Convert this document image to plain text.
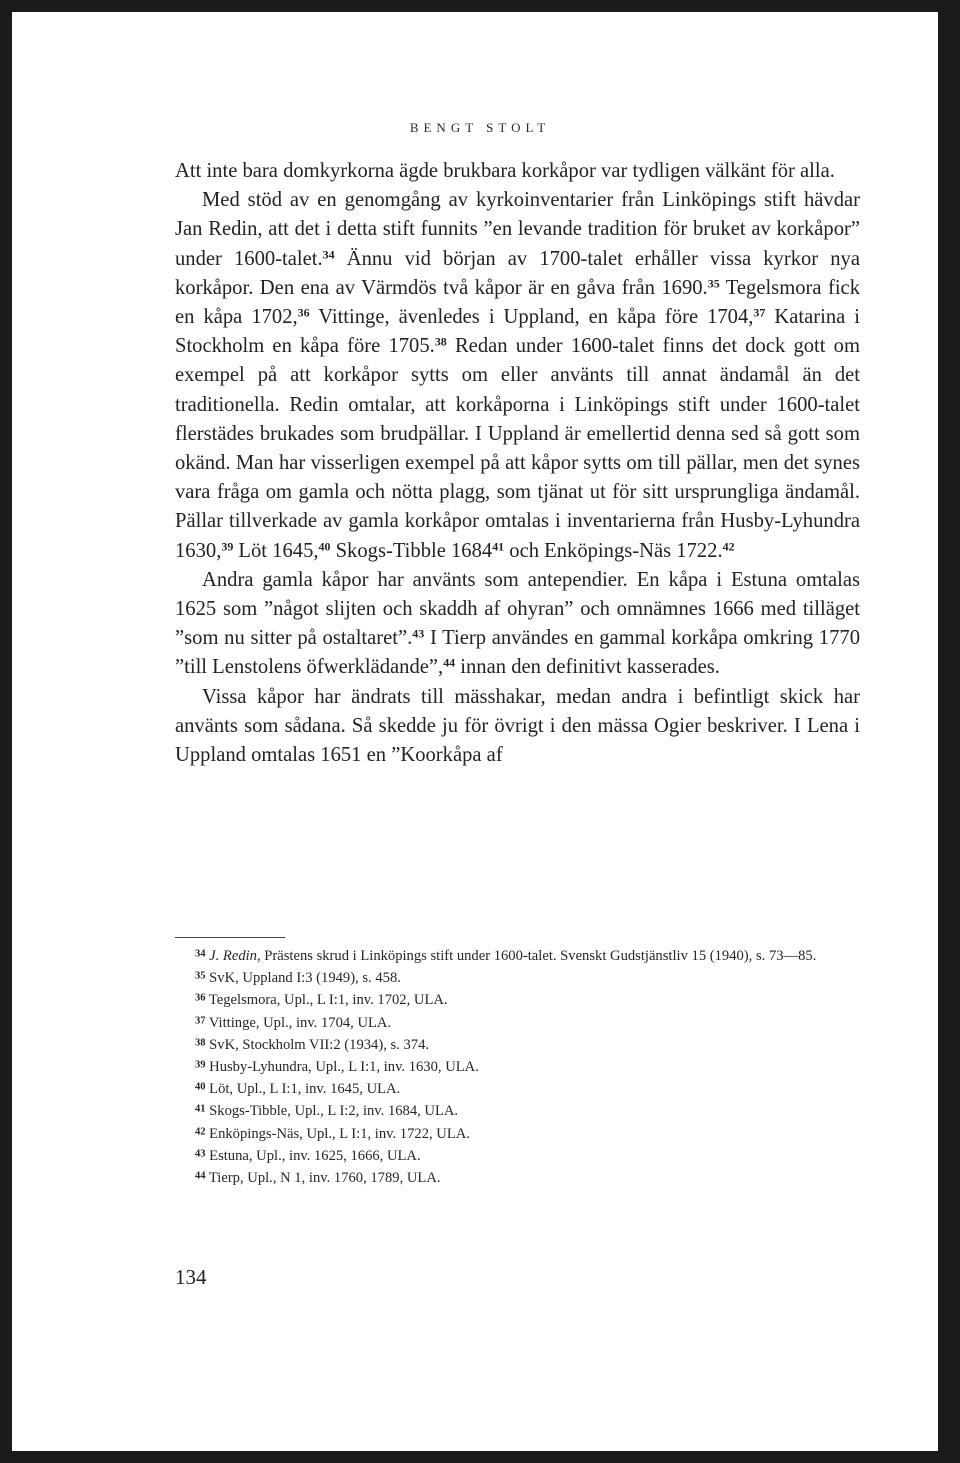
BENGT STOLT

Att inte bara domkyrkorna ägde brukbara korkåpor var tydligen välkänt för alla.

Med stöd av en genomgång av kyrkoinventarier från Linköpings stift hävdar Jan Redin, att det i detta stift funnits ”en levande tradition för bruket av korkåpor” under 1600-talet.$^{34}$ Ännu vid början av 1700-talet erhåller vissa kyrkor nya korkåpor. Den ena av Värmdös två kåpor är en gåva från 1690.35 Tegelsmora fick en kåpa 1702,36 Vittinge, ävenledes i Uppland, en kåpa före 1704,37 Katarina i Stockholm en kåpa före 1705.38 Redan under 1600-talet finns det dock gott om exempel på att korkåpor sytts om eller använts till annat ändamål än det traditionella. Redin omtalar, att korkåporna i Linköpings stift under 1600-talet flerstädes brukades som brudpällar. I Uppland är emellertid denna sed så gott som okänd. Man har visserligen exempel på att kåpor sytts om till pällar, men det synes vara fråga om gamla och nötta plagg, som tjänat ut för sitt ursprungliga ändamål. Pällar tillverkade av gamla korkåpor omtalas i inventarierna från Husby-Lyhundra 1630,39 Löt 1645,40 Skogs-Tibble 1684$^{41}$ och Enköpings-Näs 1722.42

Andra gamla kåpor har använts som antependier. En kåpa i Estuna omtalas 1625 som ”något slijten och skaddh af ohyran” och omnämnes 1666 med tilläget ”som nu sitter på ostaltaret”.$^{43}$ I Tierp användes en gammal korkåpa omkring 1770 ”till Lenstolens öfwerklädande”,$^{44}$ innan den definitivt kasserades.

Vissa kåpor har ändrats till mässhakar, medan andra i befintligt skick har använts som sådana. Så skedde ju för övrigt i den mässa Ogier beskriver. I Lena i Uppland omtalas 1651 en ”Koorkåpa af

$^{34}$ J. Redin, Prästens skrud i Linköpings stift under 1600-talet. Svenskt Gudstjänstliv 15 (1940), s. 73—85.
$^{35}$ SvK, Uppland I:3 (1949), s. 458.
$^{36}$ Tegelsmora, Upl., L I:1, inv. 1702, ULA.
$^{37}$ Vittinge, Upl., inv. 1704, ULA.
$^{38}$ SvK, Stockholm VII:2 (1934), s. 374.
$^{39}$ Husby-Lyhundra, Upl., L I:1, inv. 1630, ULA.
$^{40}$ Löt, Upl., L I:1, inv. 1645, ULA.
$^{41}$ Skogs-Tibble, Upl., L I:2, inv. 1684, ULA.
$^{42}$ Enköpings-Näs, Upl., L I:1, inv. 1722, ULA.
$^{43}$ Estuna, Upl., inv. 1625, 1666, ULA.
$^{44}$ Tierp, Upl., N 1, inv. 1760, 1789, ULA.
134
